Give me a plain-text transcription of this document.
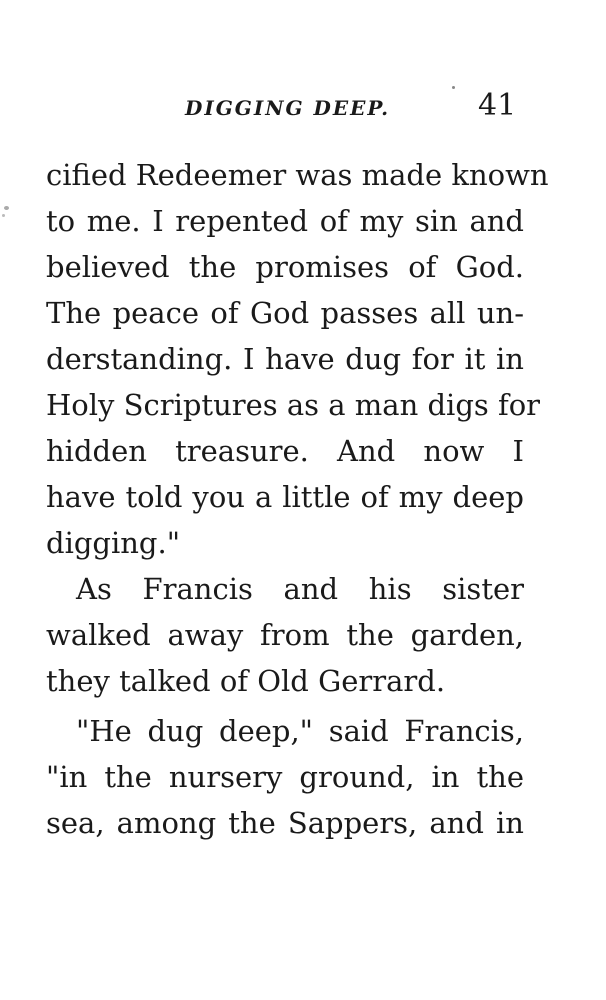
DIGGING DEEP.	41
cified Redeemer was made known
to me. I repented of my sin and
believed the promises of God.
The peace of God passes all un-
derstanding. I have dug for it in
Holy Scriptures as a man digs for
hidden treasure. And now I
have told you a little of my deep
digging."
As Francis and his sister
walked away from the garden,
they talked of Old Gerrard.
"He dug deep," said Francis,
"in the nursery ground, in the
sea, among the Sappers, and in
